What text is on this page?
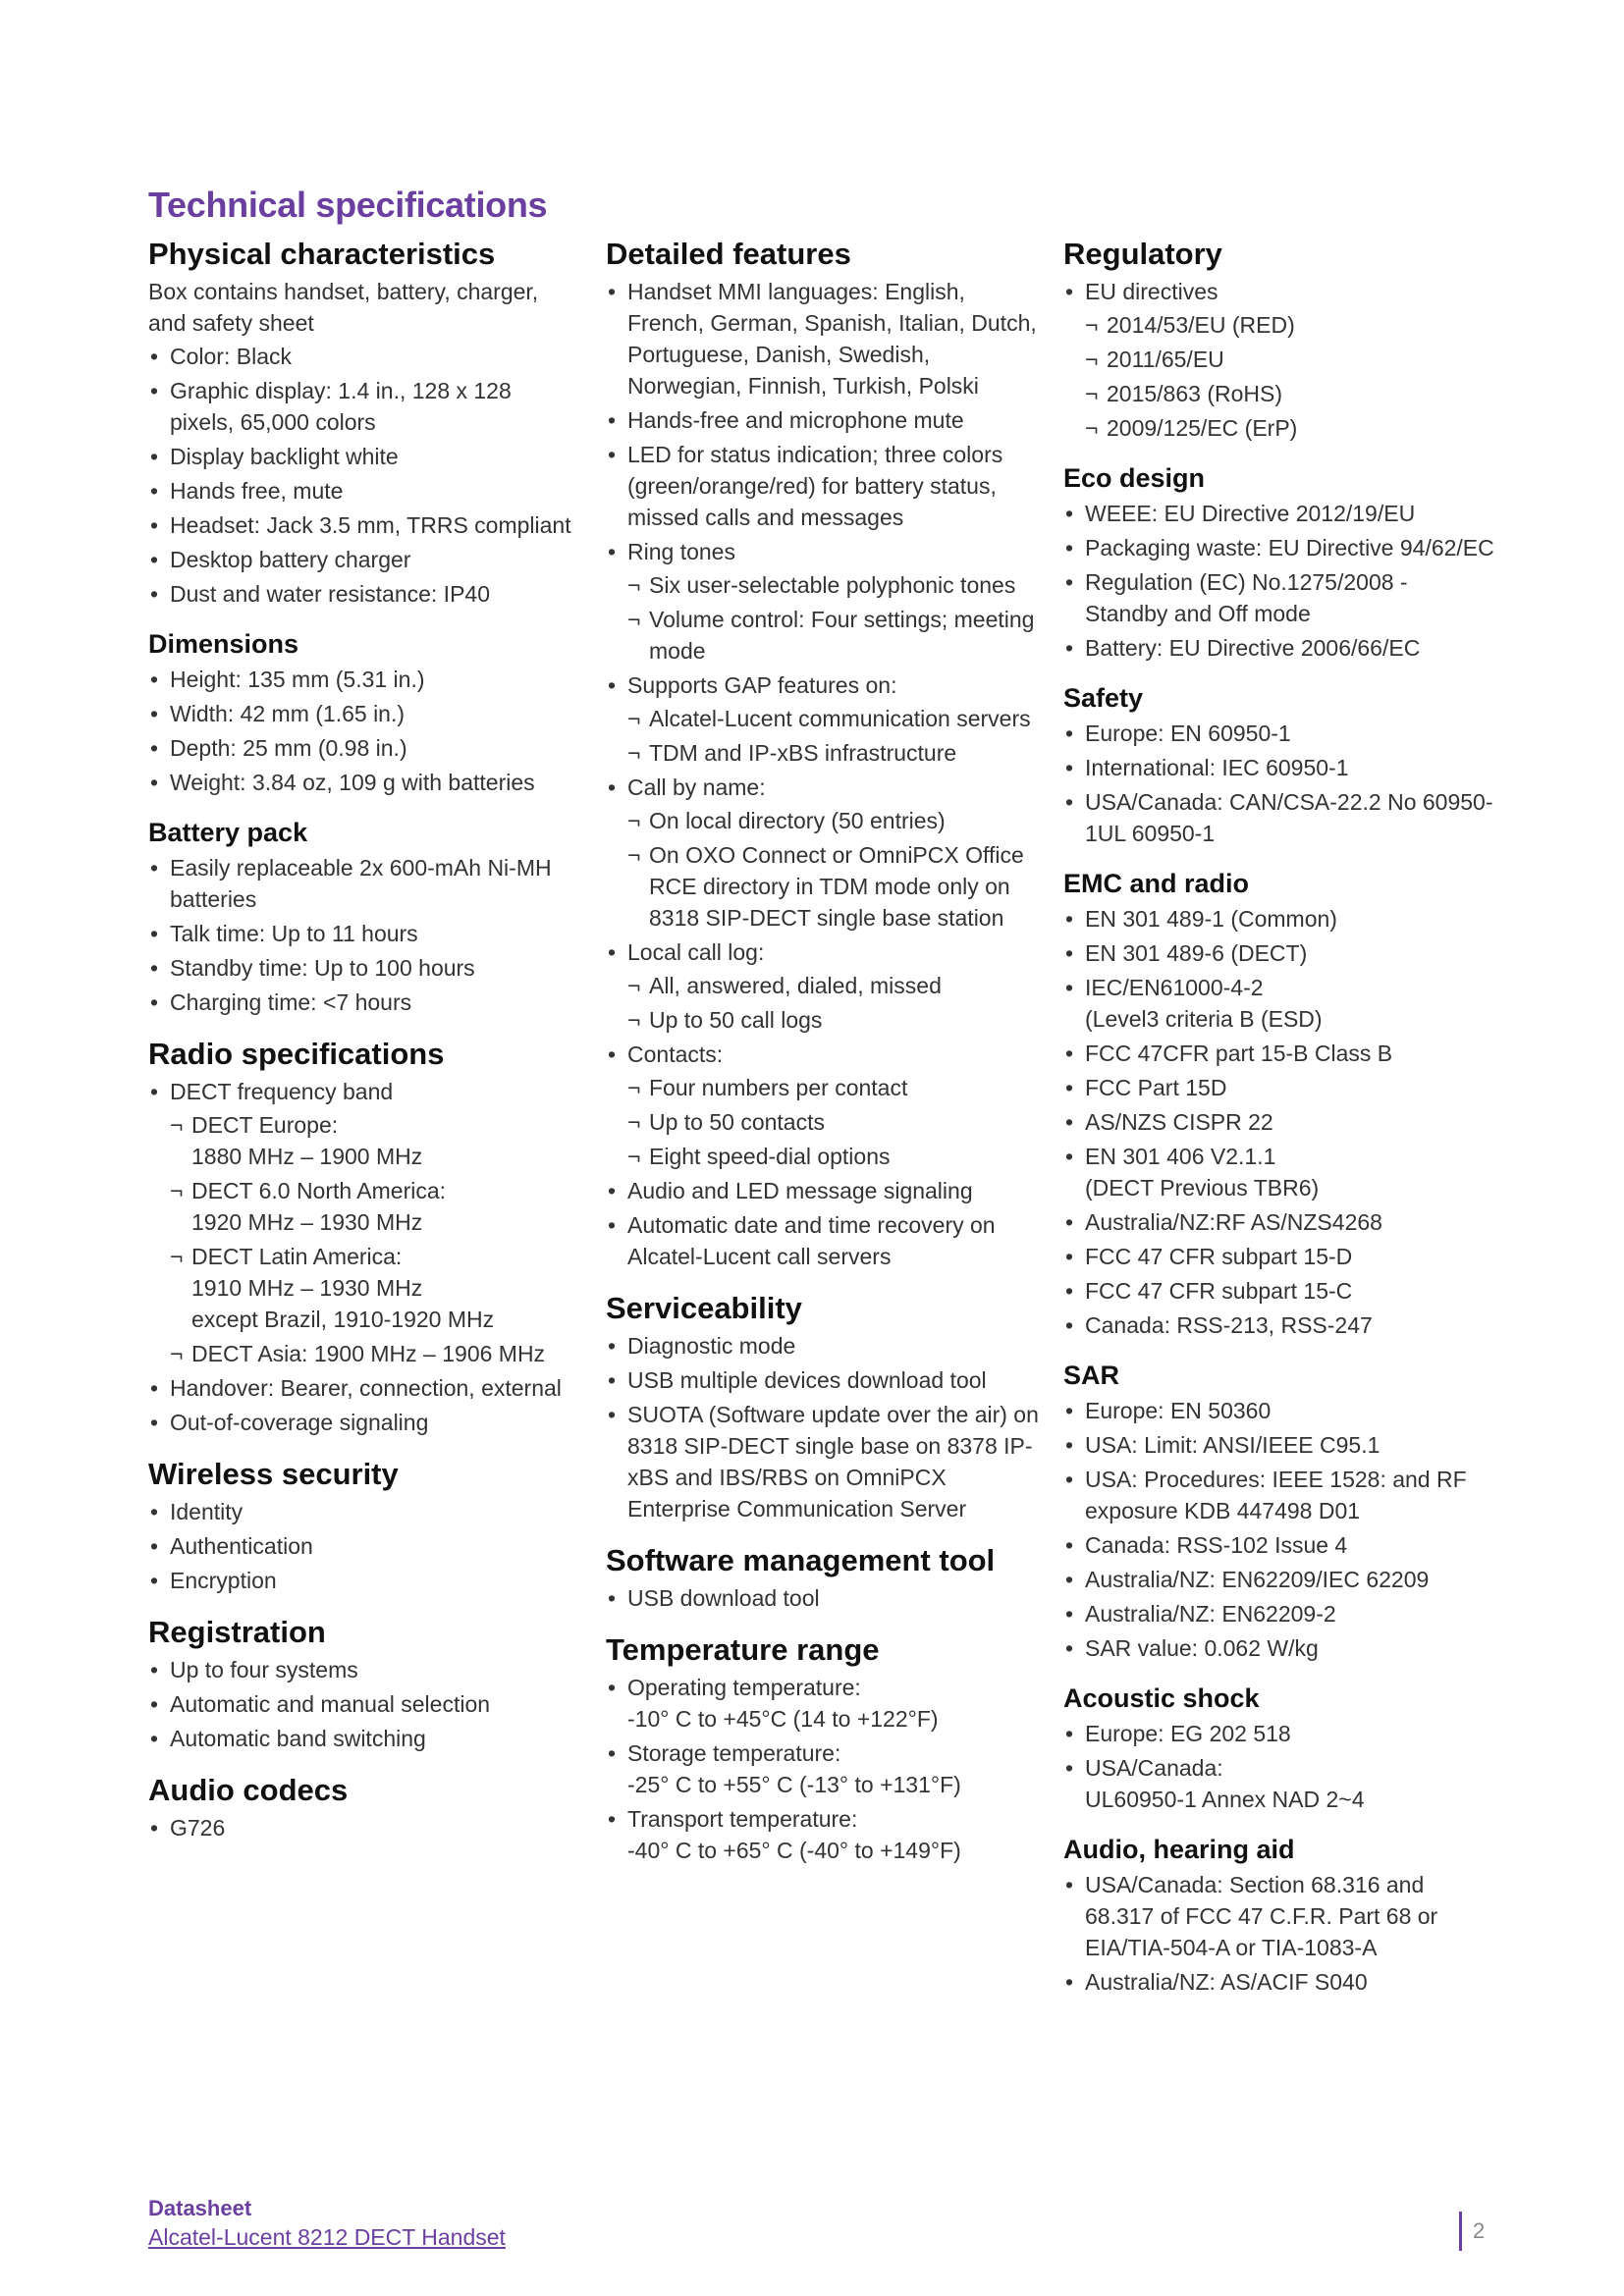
Technical specifications
Physical characteristics

Box contains handset, battery, charger, and safety sheet

• Color: Black
• Graphic display: 1.4 in., 128 x 128 pixels, 65,000 colors
• Display backlight white
• Hands free, mute
• Headset: Jack 3.5 mm, TRRS compliant
• Desktop battery charger
• Dust and water resistance: IP40
Dimensions
• Height: 135 mm (5.31 in.)
• Width: 42 mm (1.65 in.)
• Depth: 25 mm (0.98 in.)
• Weight: 3.84 oz, 109 g with batteries
Battery pack
• Easily replaceable 2x 600-mAh Ni-MH batteries
• Talk time: Up to 11 hours
• Standby time: Up to 100 hours
• Charging time: <7 hours
Radio specifications
• DECT frequency band
¬ DECT Europe:
1880 MHz – 1900 MHz
¬ DECT 6.0 North America:
1920 MHz – 1930 MHz
¬ DECT Latin America:
1910 MHz – 1930 MHz
except Brazil, 1910-1920 MHz
¬ DECT Asia: 1900 MHz – 1906 MHz
• Handover: Bearer, connection, external
• Out-of-coverage signaling
Wireless security
• Identity
• Authentication
• Encryption
Registration
• Up to four systems
• Automatic and manual selection
• Automatic band switching
Audio codecs
• G726
Detailed features
• Handset MMI languages: English, French, German, Spanish, Italian, Dutch, Portuguese, Danish, Swedish, Norwegian, Finnish, Turkish, Polski
• Hands-free and microphone mute
• LED for status indication; three colors (green/orange/red) for battery status, missed calls and messages
• Ring tones
¬ Six user-selectable polyphonic tones
¬ Volume control: Four settings; meeting mode
• Supports GAP features on:
¬ Alcatel-Lucent communication servers
¬ TDM and IP-xBS infrastructure
• Call by name:
¬ On local directory (50 entries)
¬ On OXO Connect or OmniPCX Office RCE directory in TDM mode only on 8318 SIP-DECT single base station
• Local call log:
¬ All, answered, dialed, missed
¬ Up to 50 call logs
• Contacts:
¬ Four numbers per contact
¬ Up to 50 contacts
¬ Eight speed-dial options
• Audio and LED message signaling
• Automatic date and time recovery on Alcatel-Lucent call servers
Serviceability
• Diagnostic mode
• USB multiple devices download tool
• SUOTA (Software update over the air) on 8318 SIP-DECT single base on 8378 IP-xBS and IBS/RBS on OmniPCX Enterprise Communication Server
Software management tool
• USB download tool
Temperature range
• Operating temperature:
-10° C to +45°C (14 to +122°F)
• Storage temperature:
-25° C to +55° C (-13° to +131°F)
• Transport temperature:
-40° C to +65° C (-40° to +149°F)
Regulatory
• EU directives
¬ 2014/53/EU (RED)
¬ 2011/65/EU
¬ 2015/863 (RoHS)
¬ 2009/125/EC (ErP)
Eco design
• WEEE: EU Directive 2012/19/EU
• Packaging waste: EU Directive 94/62/EC
• Regulation (EC) No.1275/2008 - Standby and Off mode
• Battery: EU Directive 2006/66/EC
Safety
• Europe: EN 60950-1
• International: IEC 60950-1
• USA/Canada: CAN/CSA-22.2 No 60950-1UL 60950-1
EMC and radio
• EN 301 489-1 (Common)
• EN 301 489-6 (DECT)
• IEC/EN61000-4-2
(Level3 criteria B (ESD)
• FCC 47CFR part 15-B Class B
• FCC Part 15D
• AS/NZS CISPR 22
• EN 301 406 V2.1.1
(DECT Previous TBR6)
• Australia/NZ:RF AS/NZS4268
• FCC 47 CFR subpart 15-D
• FCC 47 CFR subpart 15-C
• Canada: RSS-213, RSS-247
SAR
• Europe: EN 50360
• USA: Limit: ANSI/IEEE C95.1
• USA: Procedures: IEEE 1528: and RF exposure KDB 447498 D01
• Canada: RSS-102 Issue 4
• Australia/NZ: EN62209/IEC 62209
• Australia/NZ: EN62209-2
• SAR value: 0.062 W/kg
Acoustic shock
• Europe: EG 202 518
• USA/Canada:
UL60950-1 Annex NAD 2~4
Audio, hearing aid
• USA/Canada: Section 68.316 and 68.317 of FCC 47 C.F.R. Part 68 or EIA/TIA-504-A or TIA-1083-A
• Australia/NZ: AS/ACIF S040
Datasheet
Alcatel-Lucent 8212 DECT Handset	2
